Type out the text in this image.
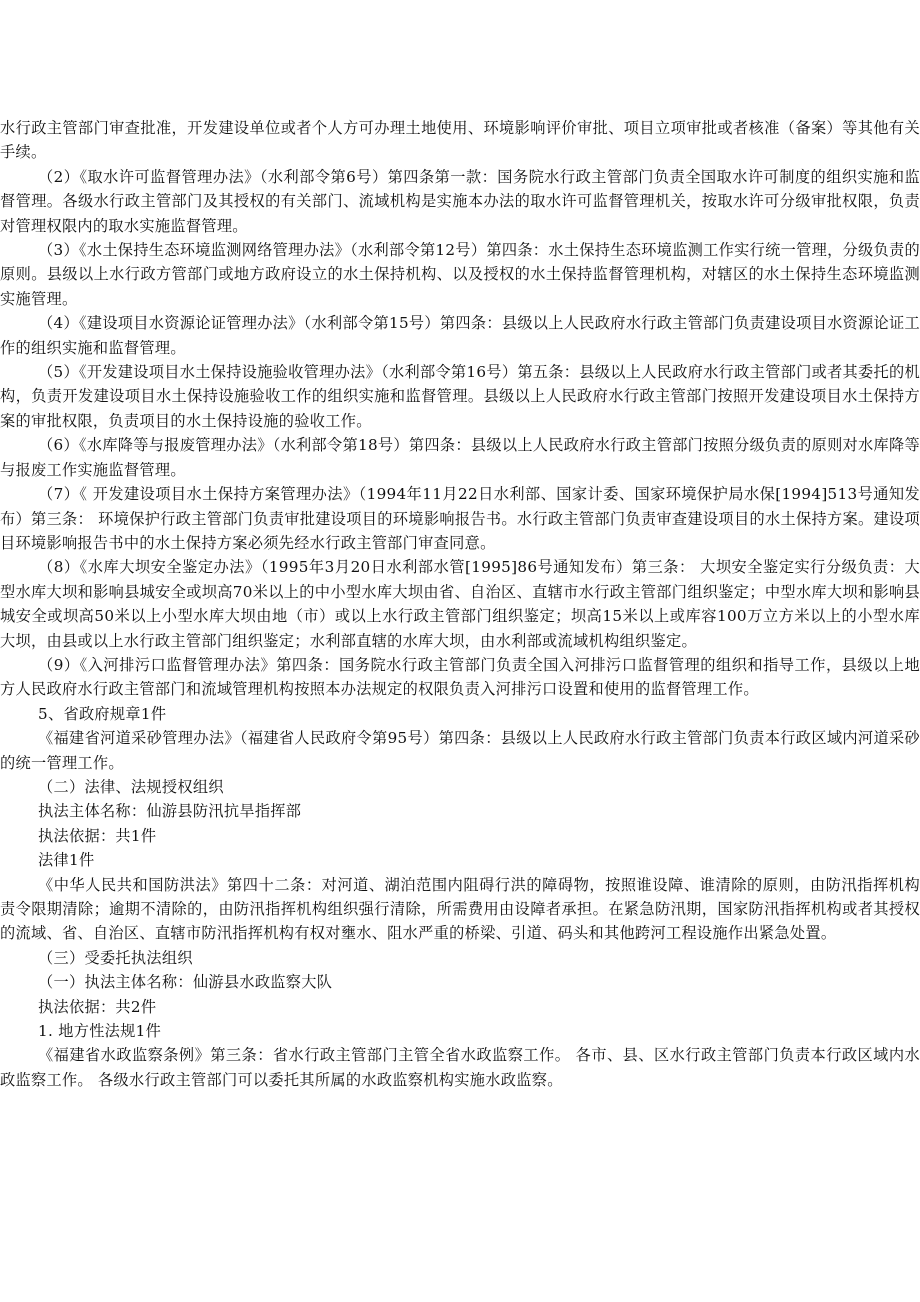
水行政主管部门审查批准，开发建设单位或者个人方可办理土地使用、环境影响评价审批、项目立项审批或者核准（备案）等其他有关手续。

（2）《取水许可监督管理办法》（水利部令第6号）第四条第一款：国务院水行政主管部门负责全国取水许可制度的组织实施和监督管理。各级水行政主管部门及其授权的有关部门、流域机构是实施本办法的取水许可监督管理机关，按取水许可分级审批权限，负责对管理权限内的取水实施监督管理。

（3）《水土保持生态环境监测网络管理办法》（水利部令第12号）第四条：水土保持生态环境监测工作实行统一管理，分级负责的原则。县级以上水行政方管部门或地方政府设立的水土保持机构、以及授权的水土保持监督管理机构，对辖区的水土保持生态环境监测实施管理。

（4）《建设项目水资源论证管理办法》（水利部令第15号）第四条：县级以上人民政府水行政主管部门负责建设项目水资源论证工作的组织实施和监督管理。

（5）《开发建设项目水土保持设施验收管理办法》（水利部令第16号）第五条：县级以上人民政府水行政主管部门或者其委托的机构，负责开发建设项目水土保持设施验收工作的组织实施和监督管理。县级以上人民政府水行政主管部门按照开发建设项目水土保持方案的审批权限，负责项目的水土保持设施的验收工作。

（6）《水库降等与报废管理办法》（水利部令第18号）第四条：县级以上人民政府水行政主管部门按照分级负责的原则对水库降等与报废工作实施监督管理。

（7）《 开发建设项目水土保持方案管理办法》（1994年11月22日水利部、国家计委、国家环境保护局水保[1994]513号通知发布）第三条： 环境保护行政主管部门负责审批建设项目的环境影响报告书。水行政主管部门负责审查建设项目的水土保持方案。建设项目环境影响报告书中的水土保持方案必须先经水行政主管部门审查同意。

（8）《水库大坝安全鉴定办法》（1995年3月20日水利部水管[1995]86号通知发布）第三条： 大坝安全鉴定实行分级负责：大型水库大坝和影响县城安全或坝高70米以上的中小型水库大坝由省、自治区、直辖市水行政主管部门组织鉴定；中型水库大坝和影响县城安全或坝高50米以上小型水库大坝由地（市）或以上水行政主管部门组织鉴定；坝高15米以上或库容100万立方米以上的小型水库大坝，由县或以上水行政主管部门组织鉴定；水利部直辖的水库大坝，由水利部或流域机构组织鉴定。

（9）《入河排污口监督管理办法》第四条：国务院水行政主管部门负责全国入河排污口监督管理的组织和指导工作，县级以上地方人民政府水行政主管部门和流域管理机构按照本办法规定的权限负责入河排污口设置和使用的监督管理工作。

5、省政府规章1件

《福建省河道采砂管理办法》（福建省人民政府令第95号）第四条：县级以上人民政府水行政主管部门负责本行政区域内河道采砂的统一管理工作。

（二）法律、法规授权组织

执法主体名称：仙游县防汛抗旱指挥部

执法依据：共1件

法律1件

《中华人民共和国防洪法》第四十二条：对河道、湖泊范围内阻碍行洪的障碍物，按照谁设障、谁清除的原则，由防汛指挥机构责令限期清除；逾期不清除的，由防汛指挥机构组织强行清除，所需费用由设障者承担。在紧急防汛期，国家防汛指挥机构或者其授权的流域、省、自治区、直辖市防汛指挥机构有权对壅水、阻水严重的桥梁、引道、码头和其他跨河工程设施作出紧急处置。

（三）受委托执法组织

（一）执法主体名称：仙游县水政监察大队

执法依据：共2件

1. 地方性法规1件

《福建省水政监察条例》第三条：省水行政主管部门主管全省水政监察工作。 各市、县、区水行政主管部门负责本行政区域内水政监察工作。 各级水行政主管部门可以委托其所属的水政监察机构实施水政监察。
